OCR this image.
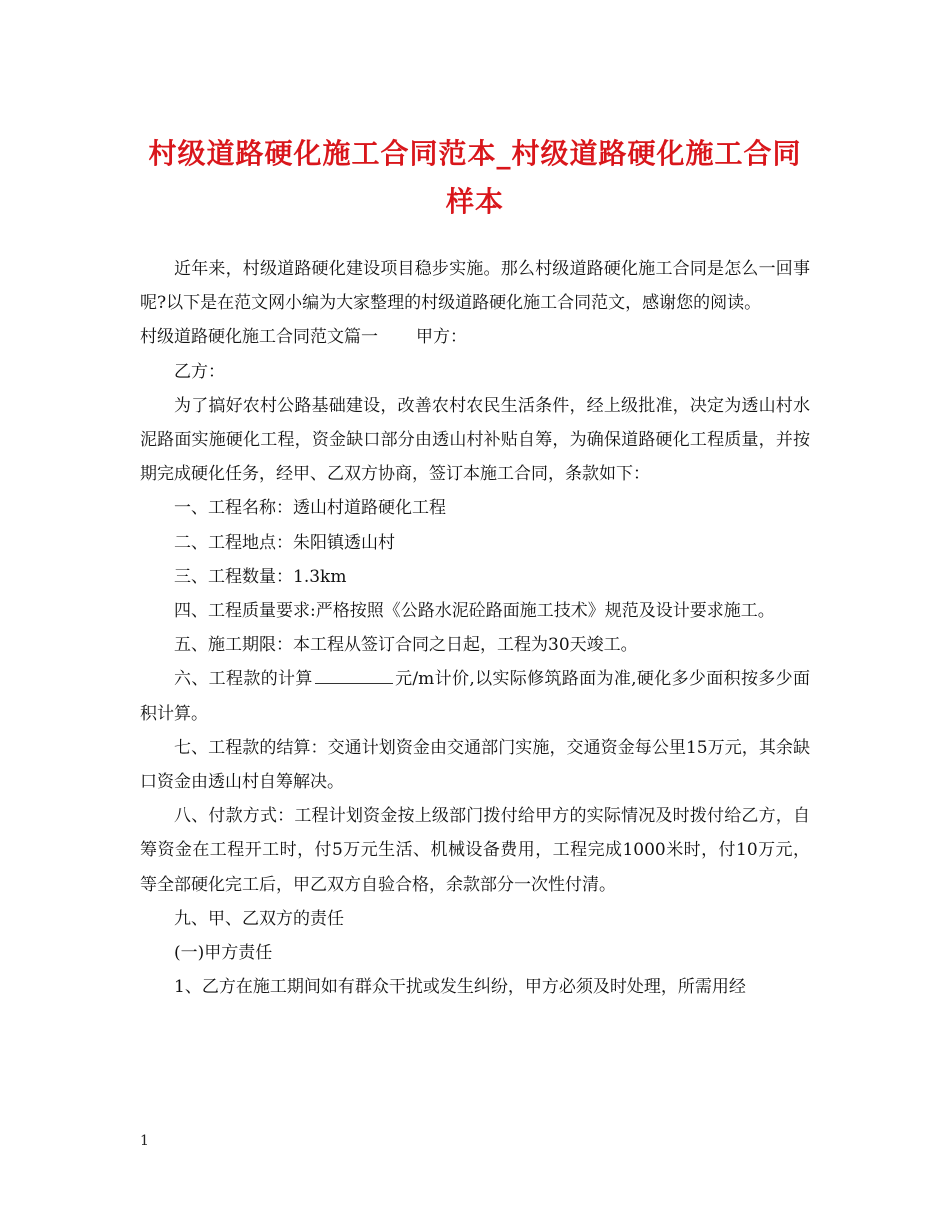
村级道路硬化施工合同范本_村级道路硬化施工合同样本

近年来，村级道路硬化建设项目稳步实施。那么村级道路硬化施工合同是怎么一回事呢?以下是在范文网小编为大家整理的村级道路硬化施工合同范文，感谢您的阅读。

村级道路硬化施工合同范文篇一 甲方：

乙方：

为了搞好农村公路基础建设，改善农村农民生活条件，经上级批准，决定为透山村水泥路面实施硬化工程，资金缺口部分由透山村补贴自筹，为确保道路硬化工程质量，并按期完成硬化任务，经甲、乙双方协商，签订本施工合同，条款如下：

一、工程名称：透山村道路硬化工程

二、工程地点：朱阳镇透山村

三、工程数量：1.3km

四、工程质量要求:严格按照《公路水泥砼路面施工技术》规范及设计要求施工。

五、施工期限：本工程从签订合同之日起，工程为30天竣工。

六、工程款的计算	元/m计价,以实际修筑路面为准,硬化多少面积按多少面积计算。

七、工程款的结算：交通计划资金由交通部门实施，交通资金每公里15万元，其余缺口资金由透山村自筹解决。

八、付款方式：工程计划资金按上级部门拨付给甲方的实际情况及时拨付给乙方，自筹资金在工程开工时，付5万元生活、机械设备费用，工程完成1000米时，付10万元，等全部硬化完工后，甲乙双方自验合格，余款部分一次性付清。

九、甲、乙双方的责任

(一)甲方责任

1、乙方在施工期间如有群众干扰或发生纠纷，甲方必须及时处理，所需用经

1
